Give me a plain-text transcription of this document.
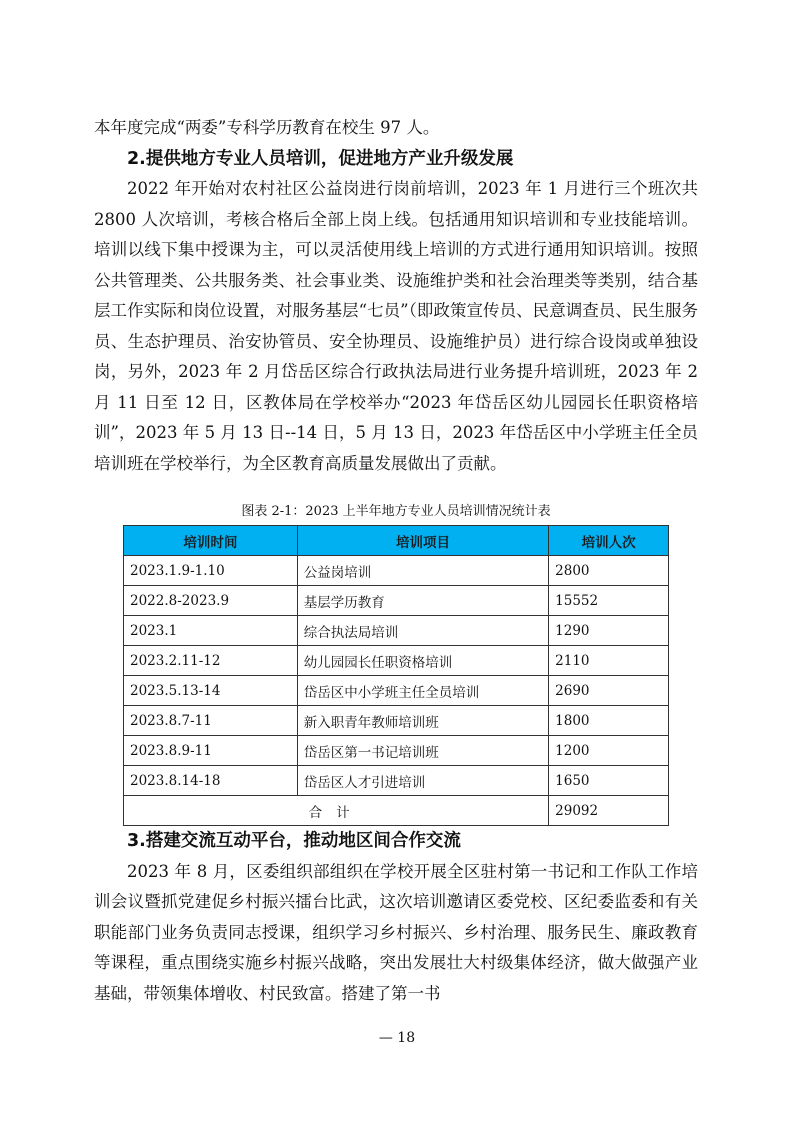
本年度完成“两委”专科学历教育在校生 97 人。

2.提供地方专业人员培训，促进地方产业升级发展

2022 年开始对农村社区公益岗进行岗前培训，2023 年 1 月进行三个班次共 2800 人次培训，考核合格后全部上岗上线。包括通用知识培训和专业技能培训。培训以线下集中授课为主，可以灵活使用线上培训的方式进行通用知识培训。按照公共管理类、公共服务类、社会事业类、设施维护类和社会治理类等类别，结合基层工作实际和岗位设置，对服务基层“七员”（即政策宣传员、民意调查员、民生服务员、生态护理员、治安协管员、安全协理员、设施维护员）进行综合设岗或单独设岗，另外，2023 年 2 月岱岳区综合行政执法局进行业务提升培训班，2023 年 2 月 11 日至 12 日，区教体局在学校举办“2023 年岱岳区幼儿园园长任职资格培训”，2023 年 5 月 13 日--14 日，5 月 13 日，2023 年岱岳区中小学班主任全员培训班在学校举行，为全区教育高质量发展做出了贡献。

图表 2-1：2023 上半年地方专业人员培训情况统计表
培训时间	培训项目	培训人次
2023.1.9-1.10	公益岗培训	2800
2022.8-2023.9	基层学历教育	15552
2023.1	综合执法局培训	1290
2023.2.11-12	幼儿园园长任职资格培训	2110
2023.5.13-14	岱岳区中小学班主任全员培训	2690
2023.8.7-11	新入职青年教师培训班	1800
2023.8.9-11	岱岳区第一书记培训班	1200
2023.8.14-18	岱岳区人才引进培训	1650
合计		29092

3.搭建交流互动平台，推动地区间合作交流

2023 年 8 月，区委组织部组织在学校开展全区驻村第一书记和工作队工作培训会议暨抓党建促乡村振兴擂台比武，这次培训邀请区委党校、区纪委监委和有关职能部门业务负责同志授课，组织学习乡村振兴、乡村治理、服务民生、廉政教育等课程，重点围绕实施乡村振兴战略，突出发展壮大村级集体经济，做大做强产业基础，带领集体增收、村民致富。搭建了第一书

— 18
